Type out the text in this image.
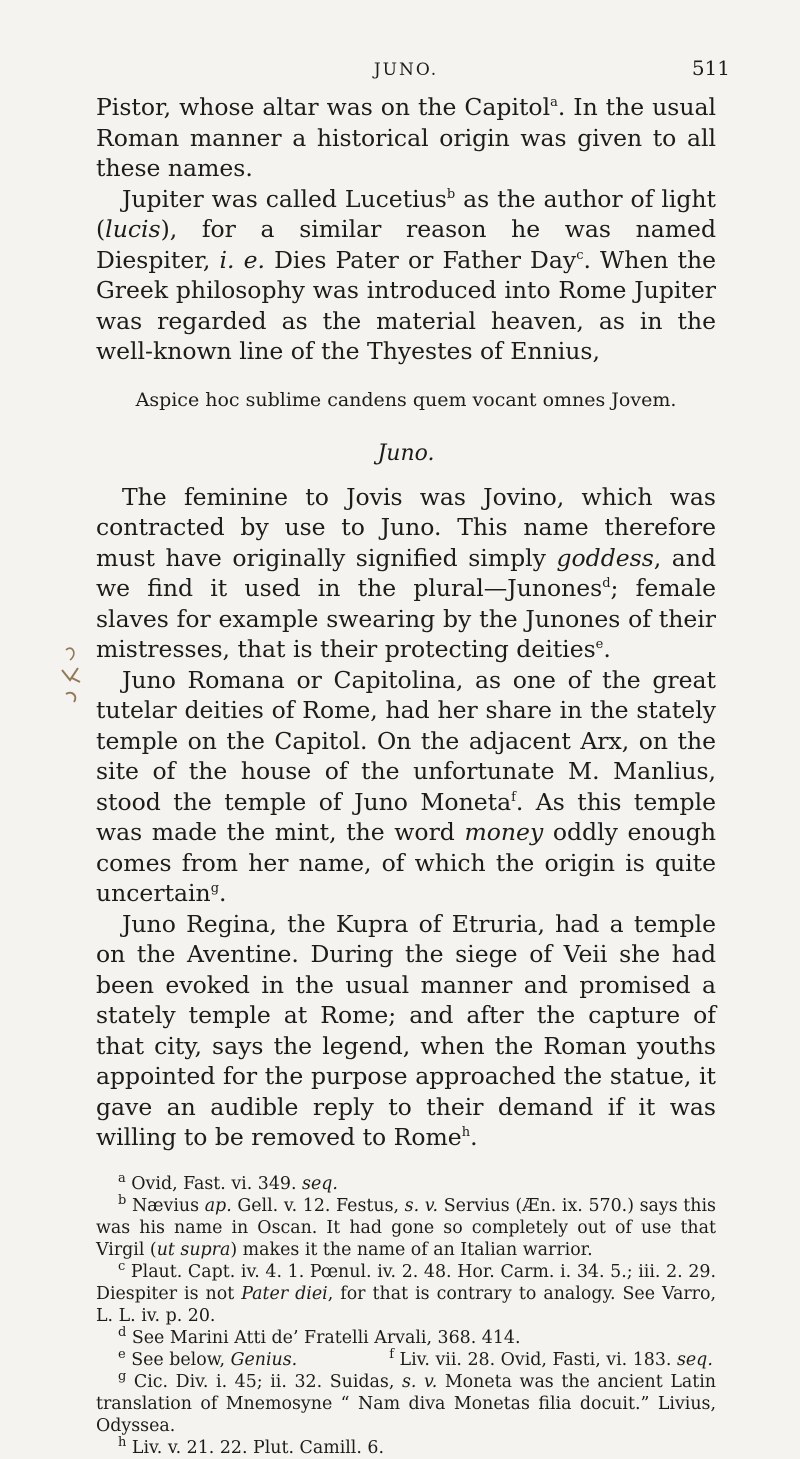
JUNO.	511

Pistor, whose altar was on the Capitol$^a$. In the usual Roman manner a historical origin was given to all these names.

Jupiter was called Lucetius$^b$ as the author of light (lucis), for a similar reason he was named Diespiter, i. e. Dies Pater or Father Day$^c$. When the Greek philosophy was introduced into Rome Jupiter was regarded as the material heaven, as in the well-known line of the Thyestes of Ennius,

Aspice hoc sublime candens quem vocant omnes Jovem.
Juno.

The feminine to Jovis was Jovino, which was contracted by use to Juno. This name therefore must have originally signified simply goddess, and we find it used in the plural—Junones$^d$; female slaves for example swearing by the Junones of their mistresses, that is their protecting deities$^e$.

Juno Romana or Capitolina, as one of the great tutelar deities of Rome, had her share in the stately temple on the Capitol. On the adjacent Arx, on the site of the house of the unfortunate M. Manlius, stood the temple of Juno Moneta$^f$. As this temple was made the mint, the word money oddly enough comes from her name, of which the origin is quite uncertain$^g$.

Juno Regina, the Kupra of Etruria, had a temple on the Aventine. During the siege of Veii she had been evoked in the usual manner and promised a stately temple at Rome; and after the capture of that city, says the legend, when the Roman youths appointed for the purpose approached the statue, it gave an audible reply to their demand if it was willing to be removed to Rome$^h$.

$^a$ Ovid, Fast. vi. 349. seq.

$^b$ Nævius ap. Gell. v. 12. Festus, s. v. Servius (Æn. ix. 570.) says this was his name in Oscan. It had gone so completely out of use that Virgil (ut supra) makes it the name of an Italian warrior.

$^c$ Plaut. Capt. iv. 4. 1. Pœnul. iv. 2. 48. Hor. Carm. i. 34. 5.; iii. 2. 29. Diespiter is not Pater diei, for that is contrary to analogy. See Varro, L. L. iv. p. 20.

$^d$ See Marini Atti de’ Fratelli Arvali, 368. 414.

$^e$ See below, Genius.	$^f$ Liv. vii. 28. Ovid, Fasti, vi. 183. seq.

$^g$ Cic. Div. i. 45; ii. 32. Suidas, s. v. Moneta was the ancient Latin translation of Mnemosyne “ Nam diva Monetas filia docuit.” Livius, Odyssea.

$^h$ Liv. v. 21. 22. Plut. Camill. 6.
